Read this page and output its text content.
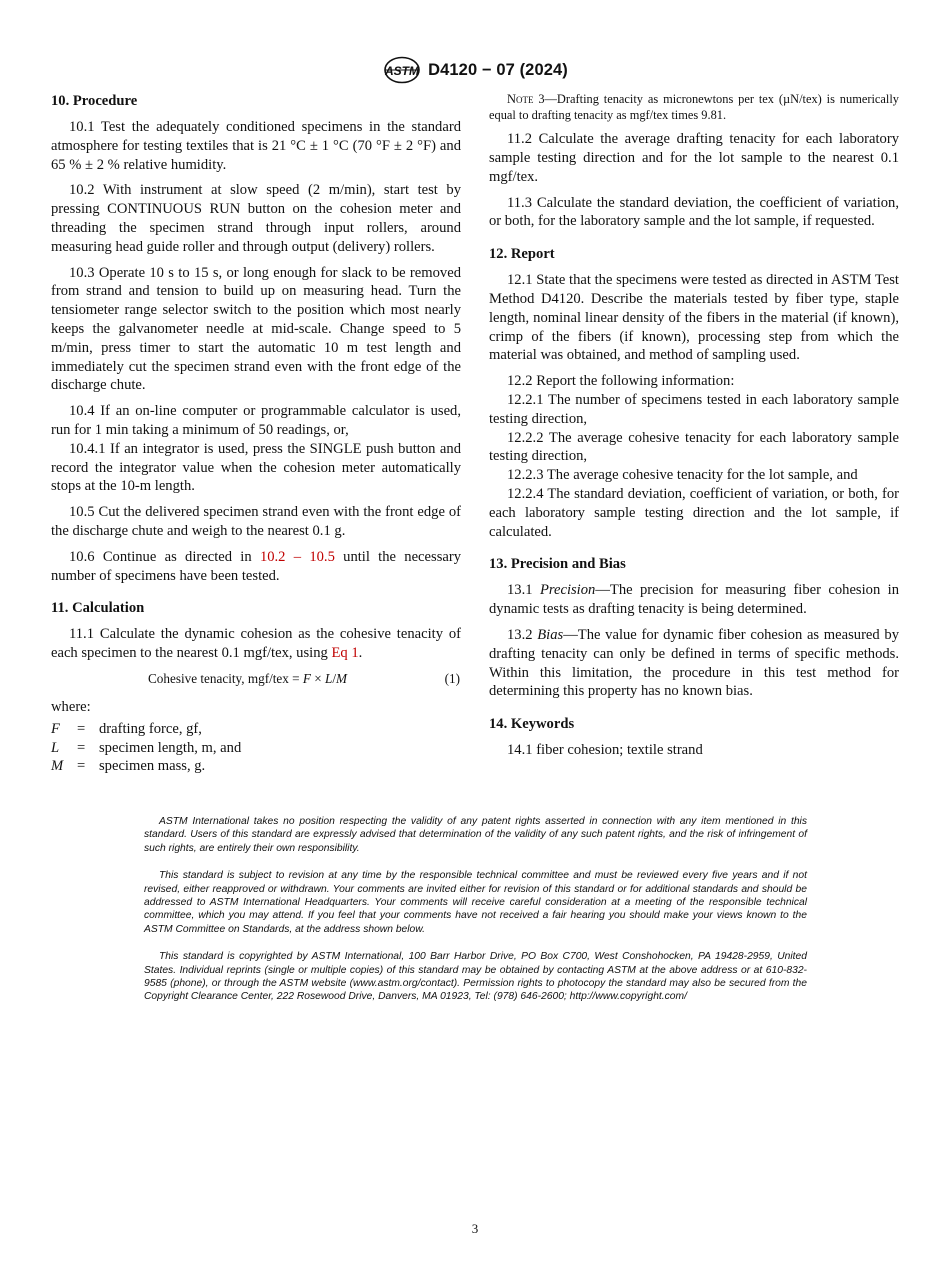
ASTM D4120 − 07 (2024)
10. Procedure

10.1 Test the adequately conditioned specimens in the standard atmosphere for testing textiles that is 21 °C ± 1 °C (70 °F ± 2 °F) and 65 % ± 2 % relative humidity.

10.2 With instrument at slow speed (2 m/min), start test by pressing CONTINUOUS RUN button on the cohesion meter and threading the specimen strand through input rollers, around measuring head guide roller and through output (delivery) rollers.

10.3 Operate 10 s to 15 s, or long enough for slack to be removed from strand and tension to build up on measuring head. Turn the tensiometer range selector switch to the position which most nearly keeps the galvanometer needle at mid-scale. Change speed to 5 m/min, press timer to start the automatic 10 m test length and immediately cut the specimen strand even with the front edge of the discharge chute.

10.4 If an on-line computer or programmable calculator is used, run for 1 min taking a minimum of 50 readings, or,

10.4.1 If an integrator is used, press the SINGLE push button and record the integrator value when the cohesion meter automatically stops at the 10-m length.

10.5 Cut the delivered specimen strand even with the front edge of the discharge chute and weigh to the nearest 0.1 g.

10.6 Continue as directed in 10.2 – 10.5 until the necessary number of specimens have been tested.

11. Calculation

11.1 Calculate the dynamic cohesion as the cohesive tenacity of each specimen to the nearest 0.1 mgf/tex, using Eq 1.

Cohesive tenacity, mgf/tex = F × L/M	(1)
where:
F	= drafting force, gf,
L	= specimen length, m, and
M = specimen mass, g.

Note 3—Drafting tenacity as micronewtons per tex (µN/tex) is numerically equal to drafting tenacity as mgf/tex times 9.81.

11.2 Calculate the average drafting tenacity for each laboratory sample testing direction and for the lot sample to the nearest 0.1 mgf/tex.

11.3 Calculate the standard deviation, the coefficient of variation, or both, for the laboratory sample and the lot sample, if requested.

12. Report

12.1 State that the specimens were tested as directed in ASTM Test Method D4120. Describe the materials tested by fiber type, staple length, nominal linear density of the fibers in the material (if known), crimp of the fibers (if known), processing step from which the material was obtained, and method of sampling used.

12.2 Report the following information:

12.2.1 The number of specimens tested in each laboratory sample testing direction,

12.2.2 The average cohesive tenacity for each laboratory sample testing direction,

12.2.3 The average cohesive tenacity for the lot sample, and

12.2.4 The standard deviation, coefficient of variation, or both, for each laboratory sample testing direction and the lot sample, if calculated.

13. Precision and Bias

13.1 Precision—The precision for measuring fiber cohesion in dynamic tests as drafting tenacity is being determined.

13.2 Bias—The value for dynamic fiber cohesion as measured by drafting tenacity can only be defined in terms of specific methods. Within this limitation, the procedure in this test method for determining this property has no known bias.

14. Keywords

14.1 fiber cohesion; textile strand

ASTM International takes no position respecting the validity of any patent rights asserted in connection with any item mentioned in this standard. Users of this standard are expressly advised that determination of the validity of any such patent rights, and the risk of infringement of such rights, are entirely their own responsibility.

This standard is subject to revision at any time by the responsible technical committee and must be reviewed every five years and if not revised, either reapproved or withdrawn. Your comments are invited either for revision of this standard or for additional standards and should be addressed to ASTM International Headquarters. Your comments will receive careful consideration at a meeting of the responsible technical committee, which you may attend. If you feel that your comments have not received a fair hearing you should make your views known to the ASTM Committee on Standards, at the address shown below.

This standard is copyrighted by ASTM International, 100 Barr Harbor Drive, PO Box C700, West Conshohocken, PA 19428-2959, United States. Individual reprints (single or multiple copies) of this standard may be obtained by contacting ASTM at the above address or at 610-832-9585 (phone), or through the ASTM website (www.astm.org/contact). Permission rights to photocopy the standard may also be secured from the Copyright Clearance Center, 222 Rosewood Drive, Danvers, MA 01923, Tel: (978) 646-2600; http://www.copyright.com/

3
